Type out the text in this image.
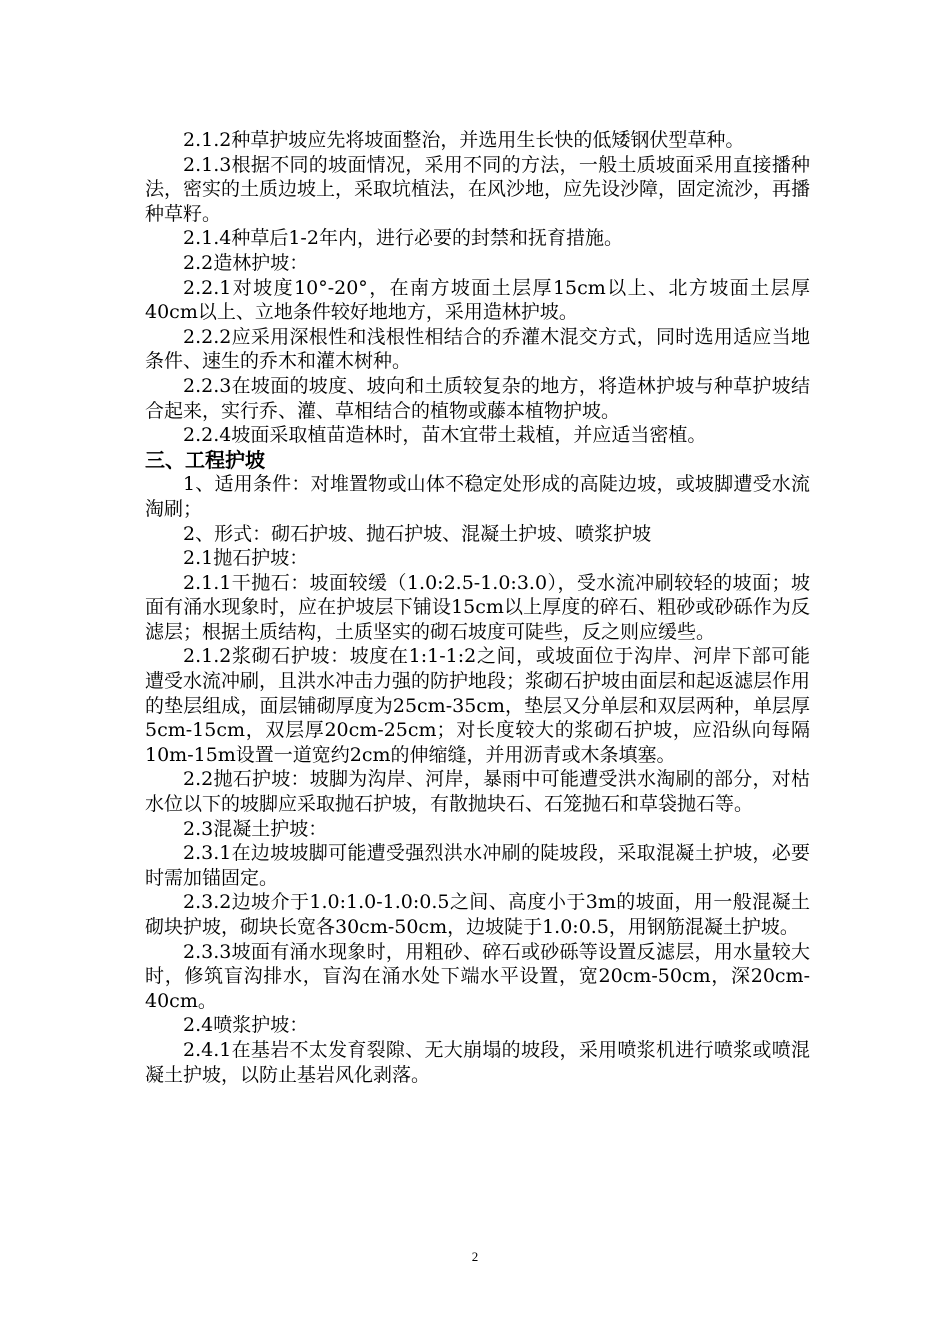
2.1.2种草护坡应先将坡面整治，并选用生长快的低矮钢伏型草种。

2.1.3根据不同的坡面情况，采用不同的方法，一般土质坡面采用直接播种法，密实的土质边坡上，采取坑植法，在风沙地，应先设沙障，固定流沙，再播种草籽。

2.1.4种草后1-2年内，进行必要的封禁和抚育措施。

2.2造林护坡：

2.2.1对坡度10°-20°，在南方坡面土层厚15cm以上、北方坡面土层厚40cm以上、立地条件较好地地方，采用造林护坡。

2.2.2应采用深根性和浅根性相结合的乔灌木混交方式，同时选用适应当地条件、速生的乔木和灌木树种。

2.2.3在坡面的坡度、坡向和土质较复杂的地方，将造林护坡与种草护坡结合起来，实行乔、灌、草相结合的植物或藤本植物护坡。

2.2.4坡面采取植苗造林时，苗木宜带土栽植，并应适当密植。

三、工程护坡

1、适用条件：对堆置物或山体不稳定处形成的高陡边坡，或坡脚遭受水流淘刷；

2、形式：砌石护坡、抛石护坡、混凝土护坡、喷浆护坡

2.1抛石护坡：

2.1.1干抛石：坡面较缓（1.0:2.5-1.0:3.0），受水流冲刷较轻的坡面；坡面有涌水现象时，应在护坡层下铺设15cm以上厚度的碎石、粗砂或砂砾作为反滤层；根据土质结构，土质坚实的砌石坡度可陡些，反之则应缓些。

2.1.2浆砌石护坡：坡度在1:1-1:2之间，或坡面位于沟岸、河岸下部可能遭受水流冲刷，且洪水冲击力强的防护地段；浆砌石护坡由面层和起返滤层作用的垫层组成，面层铺砌厚度为25cm-35cm，垫层又分单层和双层两种，单层厚5cm-15cm，双层厚20cm-25cm；对长度较大的浆砌石护坡，应沿纵向每隔10m-15m设置一道宽约2cm的伸缩缝，并用沥青或木条填塞。

2.2抛石护坡：坡脚为沟岸、河岸，暴雨中可能遭受洪水淘刷的部分，对枯水位以下的坡脚应采取抛石护坡，有散抛块石、石笼抛石和草袋抛石等。

2.3混凝土护坡：

2.3.1在边坡坡脚可能遭受强烈洪水冲刷的陡坡段，采取混凝土护坡，必要时需加锚固定。

2.3.2边坡介于1.0:1.0-1.0:0.5之间、高度小于3m的坡面，用一般混凝土砌块护坡，砌块长宽各30cm-50cm，边坡陡于1.0:0.5，用钢筋混凝土护坡。

2.3.3坡面有涌水现象时，用粗砂、碎石或砂砾等设置反滤层，用水量较大时，修筑盲沟排水，盲沟在涌水处下端水平设置，宽20cm-50cm，深20cm-40cm。

2.4喷浆护坡：

2.4.1在基岩不太发育裂隙、无大崩塌的坡段，采用喷浆机进行喷浆或喷混凝土护坡，以防止基岩风化剥落。

2
